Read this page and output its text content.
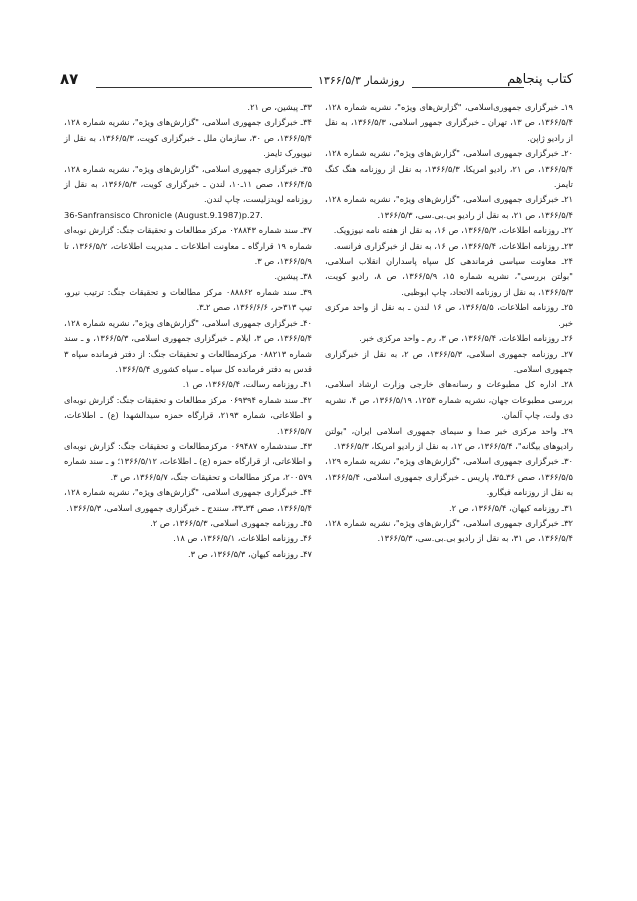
کتاب پنجاهم
روزشمار ۱۳۶۶/۵/۳
۸۷

۱۹ـ خبرگزاری جمهوری‌اسلامی، "گزارش‌های ویژه"، نشریه شماره ۱۲۸، ۱۳۶۶/۵/۴، ص ۱۳، تهران ـ خبرگزاری جمهور اسلامی، ۱۳۶۶/۵/۳، به نقل از رادیو ژاپن.

۲۰ـ خبرگزاری جمهوری اسلامی، "گزارش‌های ویژه"، نشریه شماره ۱۲۸، ۱۳۶۶/۵/۴، ص ۲۱، رادیو امریکا، ۱۳۶۶/۵/۳، به نقل از روزنامه هنگ کنگ تایمز.

۲۱ـ خبرگزاری جمهوری اسلامی، "گزارش‌های ویژه"، نشریه شماره ۱۲۸، ۱۳۶۶/۵/۴، ص ۲۱، به نقل از رادیو بی.بی.سی، ۱۳۶۶/۵/۳.

۲۲ـ روزنامه اطلاعات، ۱۳۶۶/۵/۳، ص ۱۶، به نقل از هفته نامه نیوزویک.

۲۳ـ روزنامه اطلاعات، ۱۳۶۶/۵/۴، ص ۱۶، به نقل از خبرگزاری فرانسه.

۲۴ـ معاونت سیاسی فرماندهی کل سپاه پاسداران انقلاب اسلامی، "بولتن بررسی"، نشریه شماره ۱۵، ۱۳۶۶/۵/۹، ص ۸، رادیو کویت، ۱۳۶۶/۵/۳، به نقل از روزنامه الاتحاد، چاپ ابوظبی.

۲۵ـ روزنامه اطلاعات، ۱۳۶۶/۵/۵، ص ۱۶ لندن ـ به نقل از واحد مرکزی خبر.

۲۶ـ روزنامه اطلاعات، ۱۳۶۶/۵/۴، ص ۳، رم ـ واحد مرکزی خبر.

۲۷ـ روزنامه جمهوری اسلامی، ۱۳۶۶/۵/۳، ص ۲، به نقل از خبرگزاری جمهوری اسلامی.

۲۸ـ اداره کل مطبوعات و رسانه‌های خارجی وزارت ارشاد اسلامی، بررسی مطبوعات جهان، نشریه شماره ۱۲۵۳، ۱۳۶۶/۵/۱۹، ص ۴، نشریه دی ولت، چاپ آلمان.

۲۹ـ واحد مرکزی خبر صدا و سیمای جمهوری اسلامی ایران، "بولتن رادیوهای بیگانه"، ۱۳۶۶/۵/۴، ص ۱۲، به نقل از رادیو امریکا، ۱۳۶۶/۵/۳.

۳۰ـ خبرگزاری جمهوری اسلامی، "گزارش‌های ویژه"، نشریه شماره ۱۲۹، ۱۳۶۶/۵/۵، صص ۳۶ـ۳۵، پاریس ـ خبرگزاری جمهوری اسلامی، ۱۳۶۶/۵/۴، به نقل از روزنامه فیگارو.

۳۱ـ روزنامه کیهان، ۱۳۶۶/۵/۴، ص ۲.

۳۲ـ خبرگزاری جمهوری اسلامی، "گزارش‌های ویژه"، نشریه شماره ۱۲۸، ۱۳۶۶/۵/۴، ص ۳۱، به نقل از رادیو بی.بی.سی، ۱۳۶۶/۵/۳.

۳۳ـ پیشین، ص ۲۱.

۳۴ـ خبرگزاری جمهوری اسلامی، "گزارش‌های ویژه"، نشریه شماره ۱۲۸، ۱۳۶۶/۵/۴، ص ۳۰، سازمان ملل ـ خبرگزاری کویت، ۱۳۶۶/۵/۳، به نقل از نیویورک تایمز.

۳۵ـ خبرگزاری جمهوری اسلامی، "گزارش‌های ویژه"، نشریه شماره ۱۲۸، ۱۳۶۶/۴/۵، صص ۱۱ـ۱۰، لندن ـ خبرگزاری کویت، ۱۳۶۶/۵/۳، به نقل از روزنامه لویدزلیست، چاپ لندن.

36-Sanfransisco Chronicle (August.9.1987)p.27.

۳۷ـ سند شماره ۰۲۸۸۴۳ مرکز مطالعات و تحقیقات جنگ: گزارش نوبه‌ای شماره ۱۹ قرارگاه ـ معاونت اطلاعات ـ مدیریت اطلاعات، ۱۳۶۶/۵/۲، تا ۱۳۶۶/۵/۹، ص ۳.

۳۸ـ پیشین.

۳۹ـ سند شماره ۰۸۸۸۶۲ مرکز مطالعات و تحقیقات جنگ: ترتیب نیرو، تیپ ۳۱۳حر، ۱۳۶۶/۶/۶، صص ۲ـ۳.

۴۰ـ خبرگزاری جمهوری اسلامی، "گزارش‌های ویژه"، نشریه شماره ۱۲۸، ۱۳۶۶/۵/۴، ص ۳، ایلام ـ خبرگزاری جمهوری اسلامی، ۱۳۶۶/۵/۳، و ـ سند شماره ۰۸۸۲۱۳ مرکزمطالعات و تحقیقات جنگ: از دفتر فرمانده سپاه ۳ قدس به دفتر فرمانده کل سپاه ـ سپاه کشوری ۱۳۶۶/۵/۴.

۴۱ـ روزنامه رسالت، ۱۳۶۶/۵/۴، ص ۱.

۴۲ـ سند شماره ۰۶۹۳۹۴ مرکز مطالعات و تحقیقات جنگ: گزارش نوبه‌ای و اطلاعاتی، شماره ۲۱۹۳، قرارگاه حمزه سیدالشهدا (ع) ـ اطلاعات، ۱۳۶۶/۵/۷.

۴۳ـ سندشماره ۰۶۹۴۸۷ مرکزمطالعات و تحقیقات جنگ: گزارش نوبه‌ای و اطلاعاتی، از قرارگاه حمزه (ع) ـ اطلاعات، ۱۳۶۶/۵/۱۲؛ و ـ سند شماره ۲۰۰۵۷۹، مرکز مطالعات و تحقیقات جنگ، ۱۳۶۶/۵/۷، ص ۳.

۴۴ـ خبرگزاری جمهوری اسلامی، "گزارش‌های ویژه"، نشریه شماره ۱۲۸، ۱۳۶۶/۵/۴، صص ۳۴ـ۳۳، سنندج ـ خبرگزاری جمهوری اسلامی، ۱۳۶۶/۵/۳.

۴۵ـ روزنامه جمهوری اسلامی، ۱۳۶۶/۵/۳، ص ۲.

۴۶ـ روزنامه اطلاعات، ۱۳۶۶/۵/۱، ص ۱۸.

۴۷ـ روزنامه کیهان، ۱۳۶۶/۵/۳، ص ۳.
